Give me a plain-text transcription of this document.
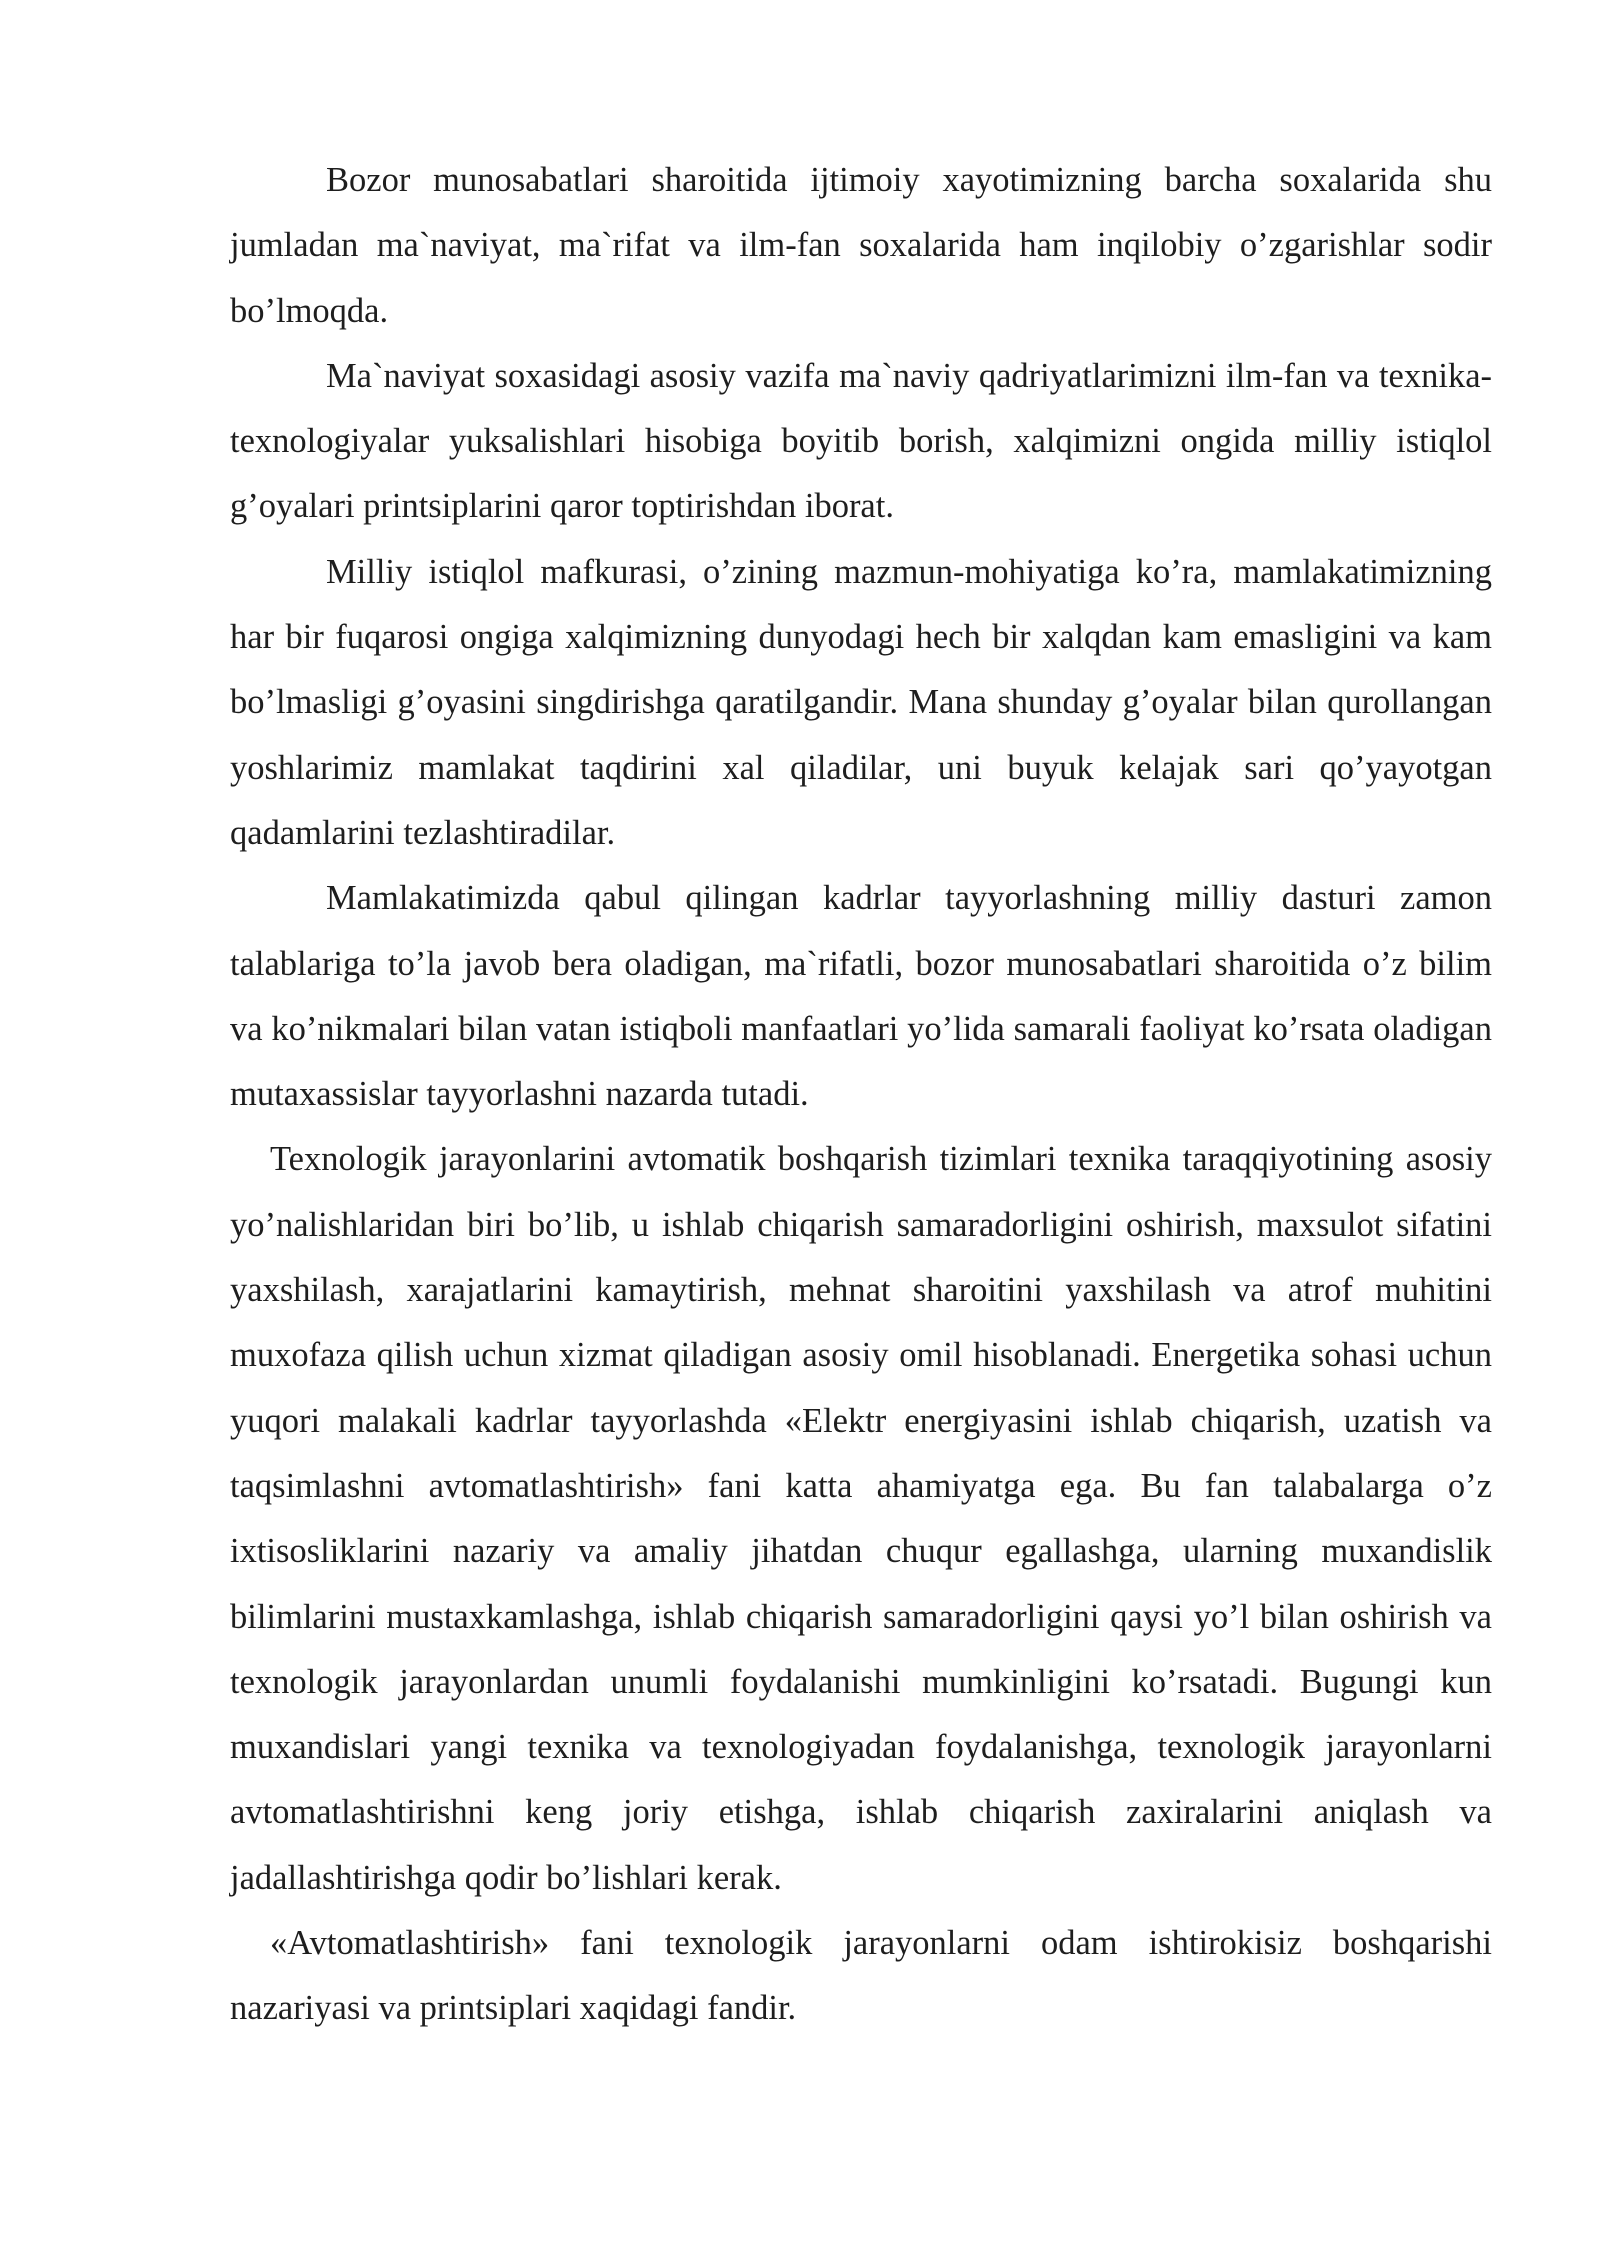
Bozor munosabatlari sharoitida ijtimoiy xayotimizning barcha soxalarida shu jumladan ma`naviyat, ma`rifat va ilm-fan soxalarida ham inqilobiy o’zgarishlar sodir bo’lmoqda.

Ma`naviyat soxasidagi asosiy vazifa ma`naviy qadriyatlarimizni ilm-fan va texnika-texnologiyalar yuksalishlari hisobiga boyitib borish, xalqimizni ongida milliy istiqlol g’oyalari printsiplarini qaror toptirishdan iborat.

Milliy istiqlol mafkurasi, o’zining mazmun-mohiyatiga ko’ra, mamlakatimizning har bir fuqarosi ongiga xalqimizning dunyodagi hech bir xalqdan kam emasligini va kam bo’lmasligi g’oyasini singdirishga qaratilgandir. Mana shunday g’oyalar bilan qurollangan yoshlarimiz mamlakat taqdirini xal qiladilar, uni buyuk kelajak sari qo’yayotgan qadamlarini tezlashtiradilar.

Mamlakatimizda qabul qilingan kadrlar tayyorlashning milliy dasturi zamon talablariga to’la javob bera oladigan, ma`rifatli, bozor munosabatlari sharoitida o’z bilim va ko’nikmalari bilan vatan istiqboli manfaatlari yo’lida samarali faoliyat ko’rsata oladigan mutaxassislar tayyorlashni nazarda tutadi.

Texnologik jarayonlarini avtomatik boshqarish tizimlari texnika taraqqiyotining asosiy yo’nalishlaridan biri bo’lib, u ishlab chiqarish samaradorligini oshirish, maxsulot sifatini yaxshilash, xarajatlarini kamaytirish, mehnat sharoitini yaxshilash va atrof muhitini muxofaza qilish uchun xizmat qiladigan asosiy omil hisoblanadi. Energetika sohasi uchun yuqori malakali kadrlar tayyorlashda «Elektr energiyasini ishlab chiqarish, uzatish va taqsimlashni avtomatlashtirish» fani katta ahamiyatga ega. Bu fan talabalarga o’z ixtisosliklarini nazariy va amaliy jihatdan chuqur egallashga, ularning muxandislik bilimlarini mustaxkamlashga, ishlab chiqarish samaradorligini qaysi yo’l bilan oshirish va texnologik jarayonlardan unumli foydalanishi mumkinligini ko’rsatadi. Bugungi kun muxandislari yangi texnika va texnologiyadan foydalanishga, texnologik jarayonlarni avtomatlashtirishni keng joriy etishga, ishlab chiqarish zaxiralarini aniqlash va jadallashtirishga qodir bo’lishlari kerak.

«Avtomatlashtirish» fani texnologik jarayonlarni odam ishtirokisiz boshqarishi nazariyasi va printsiplari xaqidagi fandir.
